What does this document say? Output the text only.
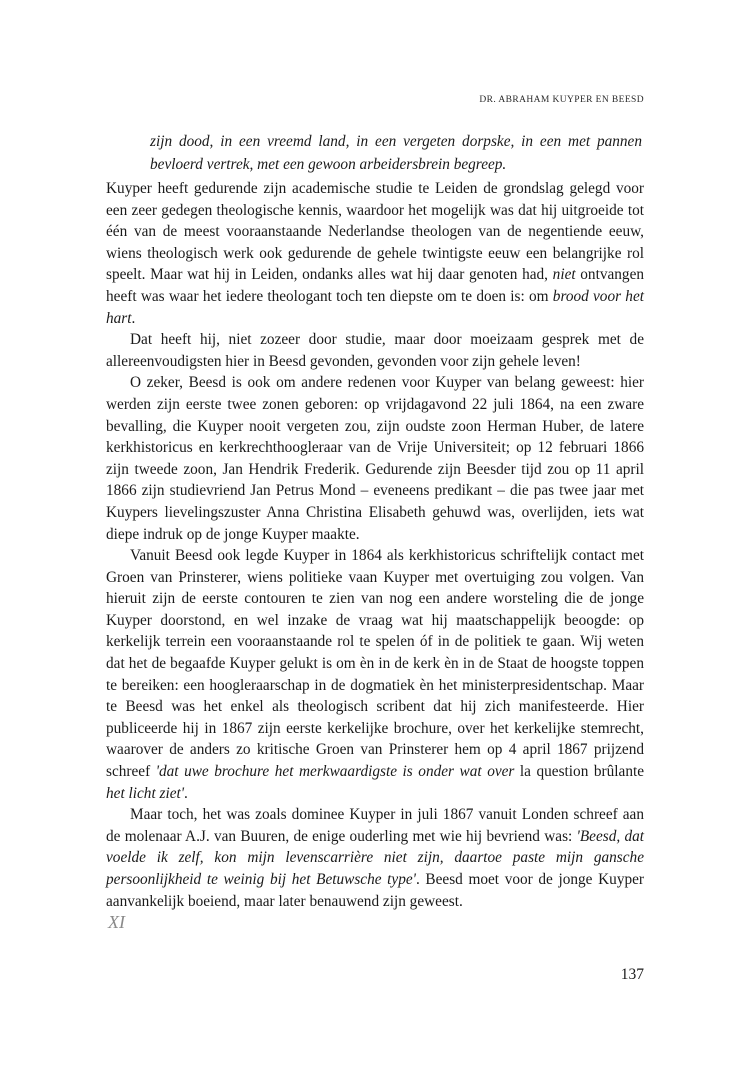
DR. ABRAHAM KUYPER EN BEESD
zijn dood, in een vreemd land, in een vergeten dorpske, in een met pannen bevloerd vertrek, met een gewoon arbeidersbrein begreep.

Kuyper heeft gedurende zijn academische studie te Leiden de grondslag gelegd voor een zeer gedegen theologische kennis, waardoor het mogelijk was dat hij uitgroeide tot één van de meest vooraanstaande Nederlandse theologen van de negentiende eeuw, wiens theologisch werk ook gedurende de gehele twintigste eeuw een belangrijke rol speelt. Maar wat hij in Leiden, ondanks alles wat hij daar genoten had, niet ontvangen heeft was waar het iedere theologant toch ten diepste om te doen is: om brood voor het hart.

Dat heeft hij, niet zozeer door studie, maar door moeizaam gesprek met de allereenvoudigsten hier in Beesd gevonden, gevonden voor zijn gehele leven!

O zeker, Beesd is ook om andere redenen voor Kuyper van belang geweest: hier werden zijn eerste twee zonen geboren: op vrijdagavond 22 juli 1864, na een zware bevalling, die Kuyper nooit vergeten zou, zijn oudste zoon Herman Huber, de latere kerkhistoricus en kerkrechthoogleraar van de Vrije Universiteit; op 12 februari 1866 zijn tweede zoon, Jan Hendrik Frederik. Gedurende zijn Beesder tijd zou op 11 april 1866 zijn studievriend Jan Petrus Mond – eveneens predikant – die pas twee jaar met Kuypers lievelingszuster Anna Christina Elisabeth gehuwd was, overlijden, iets wat diepe indruk op de jonge Kuyper maakte.

Vanuit Beesd ook legde Kuyper in 1864 als kerkhistoricus schriftelijk contact met Groen van Prinsterer, wiens politieke vaan Kuyper met overtuiging zou volgen. Van hieruit zijn de eerste contouren te zien van nog een andere worsteling die de jonge Kuyper doorstond, en wel inzake de vraag wat hij maatschappelijk beoogde: op kerkelijk terrein een vooraanstaande rol te spelen óf in de politiek te gaan. Wij weten dat het de begaafde Kuyper gelukt is om èn in de kerk èn in de Staat de hoogste toppen te bereiken: een hoogleraarschap in de dogmatiek èn het ministerpresidentschap. Maar te Beesd was het enkel als theologisch scribent dat hij zich manifesteerde. Hier publiceerde hij in 1867 zijn eerste kerkelijke brochure, over het kerkelijke stemrecht, waarover de anders zo kritische Groen van Prinsterer hem op 4 april 1867 prijzend schreef 'dat uwe brochure het merkwaardigste is onder wat over la question brûlante het licht ziet'.

Maar toch, het was zoals dominee Kuyper in juli 1867 vanuit Londen schreef aan de molenaar A.J. van Buuren, de enige ouderling met wie hij bevriend was: 'Beesd, dat voelde ik zelf, kon mijn levenscarrière niet zijn, daartoe paste mijn gansche persoonlijkheid te weinig bij het Betuwsche type'. Beesd moet voor de jonge Kuyper aanvankelijk boeiend, maar later benauwend zijn geweest.

XI
137
